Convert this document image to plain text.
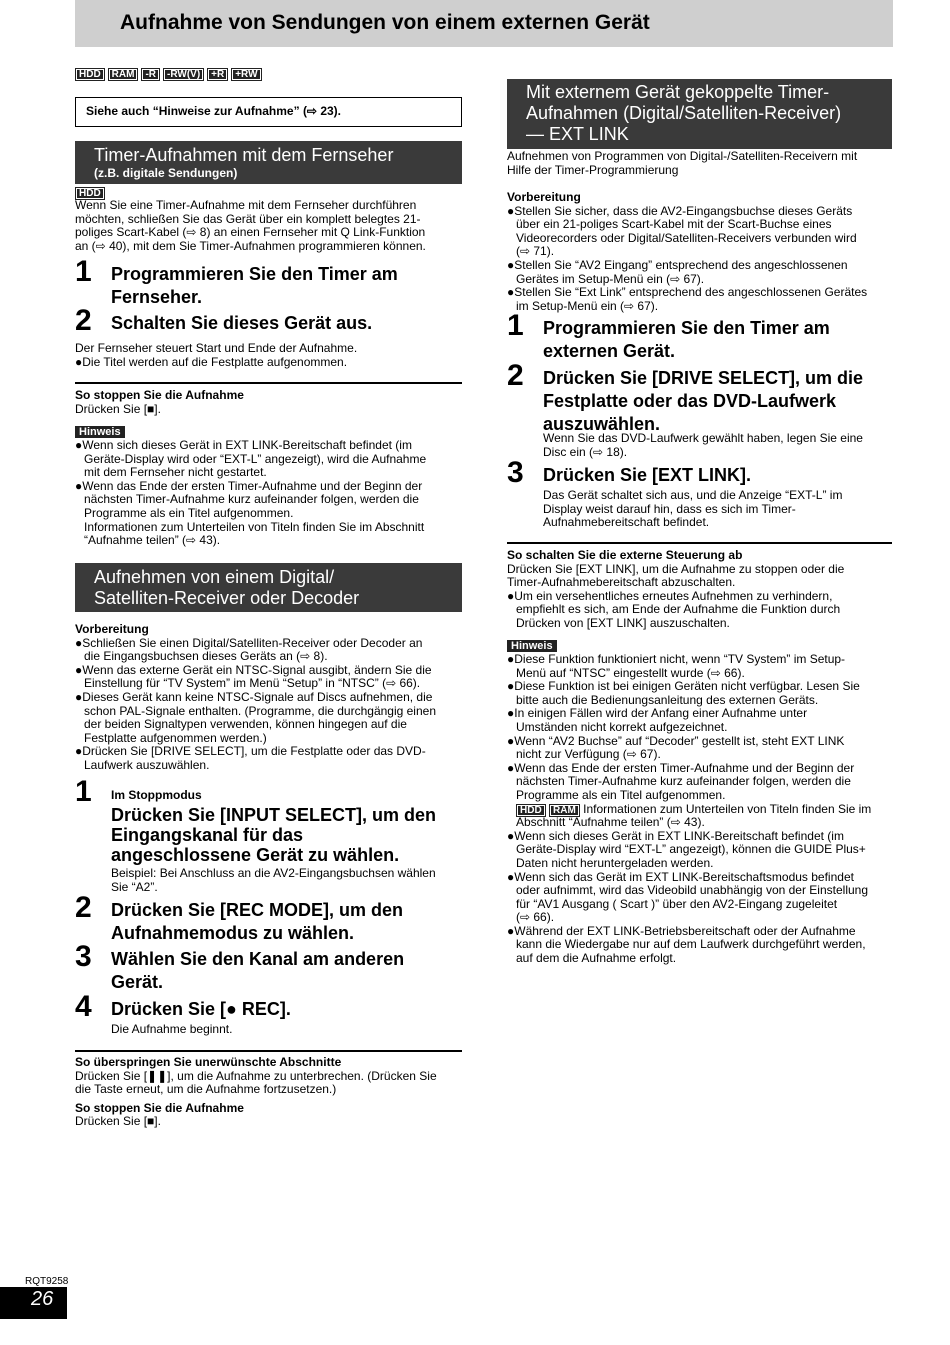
Aufnahme von Sendungen von einem externen Gerät
HDD	RAM	-R	-RW(V)	+R	+RW
Siehe auch “Hinweise zur Aufnahme” (⇨ 23).
Timer-Aufnahmen mit dem Fernseher
(z.B. digitale Sendungen)
HDD
Wenn Sie eine Timer-Aufnahme mit dem Fernseher durchführen
möchten, schließen Sie das Gerät über ein komplett belegtes 21-
poliges Scart-Kabel (⇨ 8) an einen Fernseher mit Q Link-Funktion
an (⇨ 40), mit dem Sie Timer-Aufnahmen programmieren können.
1 Programmieren Sie den Timer am
Fernseher.
2 Schalten Sie dieses Gerät aus.
Der Fernseher steuert Start und Ende der Aufnahme.
●Die Titel werden auf die Festplatte aufgenommen.
So stoppen Sie die Aufnahme
Drücken Sie [■].
Hinweis
●Wenn sich dieses Gerät in EXT LINK-Bereitschaft befindet (im
Geräte-Display wird oder “EXT-L” angezeigt), wird die Aufnahme
mit dem Fernseher nicht gestartet.
●Wenn das Ende der ersten Timer-Aufnahme und der Beginn der
nächsten Timer-Aufnahme kurz aufeinander folgen, werden die
Programme als ein Titel aufgenommen.
Informationen zum Unterteilen von Titeln finden Sie im Abschnitt
“Aufnahme teilen” (⇨ 43).
Aufnehmen von einem Digital/
Satelliten-Receiver oder Decoder
Vorbereitung
●Schließen Sie einen Digital/Satelliten-Receiver oder Decoder an
die Eingangsbuchsen dieses Geräts an (⇨ 8).
●Wenn das externe Gerät ein NTSC-Signal ausgibt, ändern Sie die
Einstellung für “TV System” im Menü “Setup” in “NTSC” (⇨ 66).
●Dieses Gerät kann keine NTSC-Signale auf Discs aufnehmen, die
schon PAL-Signale enthalten. (Programme, die durchgängig einen
der beiden Signaltypen verwenden, können hingegen auf die
Festplatte aufgenommen werden.)
●Drücken Sie [DRIVE SELECT], um die Festplatte oder das DVD-
Laufwerk auszuwählen.
1 Im Stoppmodus
Drücken Sie [INPUT SELECT], um den
Eingangskanal für das
angeschlossene Gerät zu wählen.
Beispiel: Bei Anschluss an die AV2-Eingangsbuchsen wählen
Sie “A2”.
2 Drücken Sie [REC MODE], um den
Aufnahmemodus zu wählen.
3 Wählen Sie den Kanal am anderen
Gerät.
4 Drücken Sie [● REC].
Die Aufnahme beginnt.
So überspringen Sie unerwünschte Abschnitte
Drücken Sie [❚❚], um die Aufnahme zu unterbrechen. (Drücken Sie
die Taste erneut, um die Aufnahme fortzusetzen.)
So stoppen Sie die Aufnahme
Drücken Sie [■].
Mit externem Gerät gekoppelte Timer-
Aufnahmen (Digital/Satelliten-Receiver)
— EXT LINK
Aufnehmen von Programmen von Digital-/Satelliten-Receivern mit
Hilfe der Timer-Programmierung
Vorbereitung
●Stellen Sie sicher, dass die AV2-Eingangsbuchse dieses Geräts
über ein 21-poliges Scart-Kabel mit der Scart-Buchse eines
Videorecorders oder Digital/Satelliten-Receivers verbunden wird
(⇨ 71).
●Stellen Sie “AV2 Eingang” entsprechend des angeschlossenen
Gerätes im Setup-Menü ein (⇨ 67).
●Stellen Sie “Ext Link” entsprechend des angeschlossenen Gerätes
im Setup-Menü ein (⇨ 67).
1 Programmieren Sie den Timer am
externen Gerät.
2 Drücken Sie [DRIVE SELECT], um die
Festplatte oder das DVD-Laufwerk
auszuwählen.
Wenn Sie das DVD-Laufwerk gewählt haben, legen Sie eine
Disc ein (⇨ 18).
3 Drücken Sie [EXT LINK].
Das Gerät schaltet sich aus, und die Anzeige “EXT-L” im
Display weist darauf hin, dass es sich im Timer-
Aufnahmebereitschaft befindet.
So schalten Sie die externe Steuerung ab
Drücken Sie [EXT LINK], um die Aufnahme zu stoppen oder die
Timer-Aufnahmebereitschaft abzuschalten.
●Um ein versehentliches erneutes Aufnehmen zu verhindern,
empfiehlt es sich, am Ende der Aufnahme die Funktion durch
Drücken von [EXT LINK] auszuschalten.
Hinweis
●Diese Funktion funktioniert nicht, wenn “TV System” im Setup-
Menü auf “NTSC” eingestellt wurde (⇨ 66).
●Diese Funktion ist bei einigen Geräten nicht verfügbar. Lesen Sie
bitte auch die Bedienungsanleitung des externen Geräts.
●In einigen Fällen wird der Anfang einer Aufnahme unter
Umständen nicht korrekt aufgezeichnet.
●Wenn “AV2 Buchse” auf “Decoder” gestellt ist, steht EXT LINK
nicht zur Verfügung (⇨ 67).
●Wenn das Ende der ersten Timer-Aufnahme und der Beginn der
nächsten Timer-Aufnahme kurz aufeinander folgen, werden die
Programme als ein Titel aufgenommen.
HDD RAM Informationen zum Unterteilen von Titeln finden Sie im
Abschnitt “Aufnahme teilen” (⇨ 43).
●Wenn sich dieses Gerät in EXT LINK-Bereitschaft befindet (im
Geräte-Display wird “EXT-L” angezeigt), können die GUIDE Plus+
Daten nicht heruntergeladen werden.
●Wenn sich das Gerät im EXT LINK-Bereitschaftsmodus befindet
oder aufnimmt, wird das Videobild unabhängig von der Einstellung
für “AV1 Ausgang ( Scart )” über den AV2-Eingang zugeleitet
(⇨ 66).
●Während der EXT LINK-Betriebsbereitschaft oder der Aufnahme
kann die Wiedergabe nur auf dem Laufwerk durchgeführt werden,
auf dem die Aufnahme erfolgt.
RQT9258
26
